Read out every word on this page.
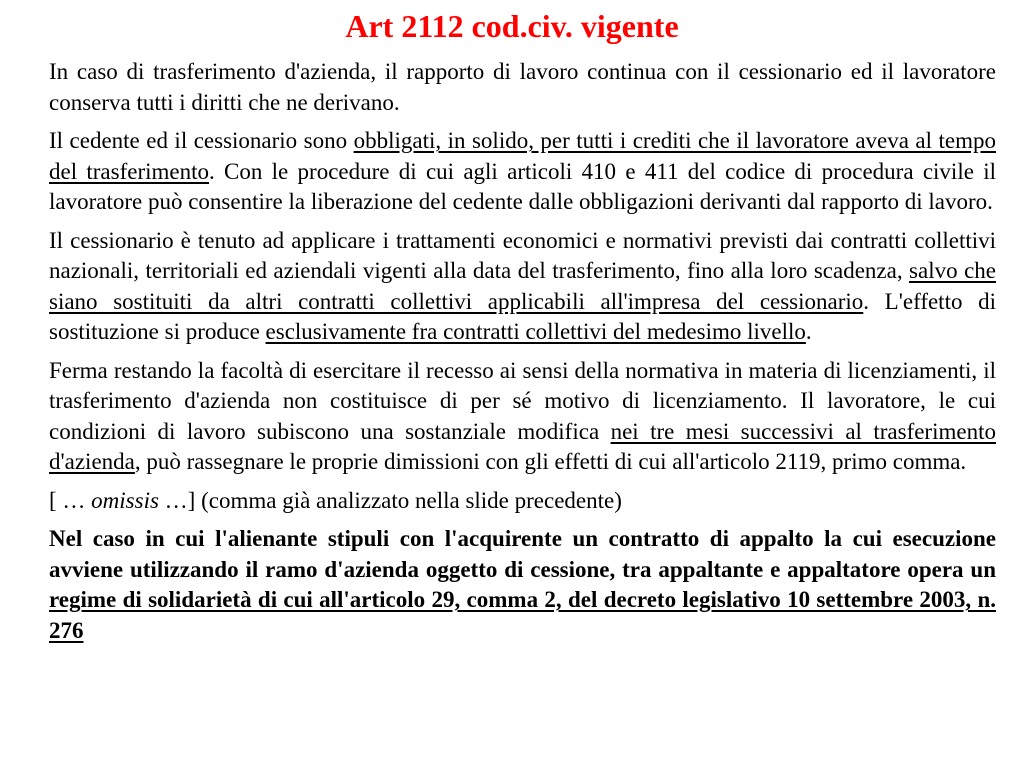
Art 2112 cod.civ. vigente

In caso di trasferimento d'azienda, il rapporto di lavoro continua con il cessionario ed il lavoratore conserva tutti i diritti che ne derivano.

Il cedente ed il cessionario sono obbligati, in solido, per tutti i crediti che il lavoratore aveva al tempo del trasferimento. Con le procedure di cui agli articoli 410 e 411 del codice di procedura civile il lavoratore può consentire la liberazione del cedente dalle obbligazioni derivanti dal rapporto di lavoro.

Il cessionario è tenuto ad applicare i trattamenti economici e normativi previsti dai contratti collettivi nazionali, territoriali ed aziendali vigenti alla data del trasferimento, fino alla loro scadenza, salvo che siano sostituiti da altri contratti collettivi applicabili all'impresa del cessionario. L'effetto di sostituzione si produce esclusivamente fra contratti collettivi del medesimo livello.

Ferma restando la facoltà di esercitare il recesso ai sensi della normativa in materia di licenziamenti, il trasferimento d'azienda non costituisce di per sé motivo di licenziamento. Il lavoratore, le cui condizioni di lavoro subiscono una sostanziale modifica nei tre mesi successivi al trasferimento d'azienda, può rassegnare le proprie dimissioni con gli effetti di cui all'articolo 2119, primo comma.

[ … omissis …] (comma già analizzato nella slide precedente)

Nel caso in cui l'alienante stipuli con l'acquirente un contratto di appalto la cui esecuzione avviene utilizzando il ramo d'azienda oggetto di cessione, tra appaltante e appaltatore opera un regime di solidarietà di cui all'articolo 29, comma 2, del decreto legislativo 10 settembre 2003, n. 276
